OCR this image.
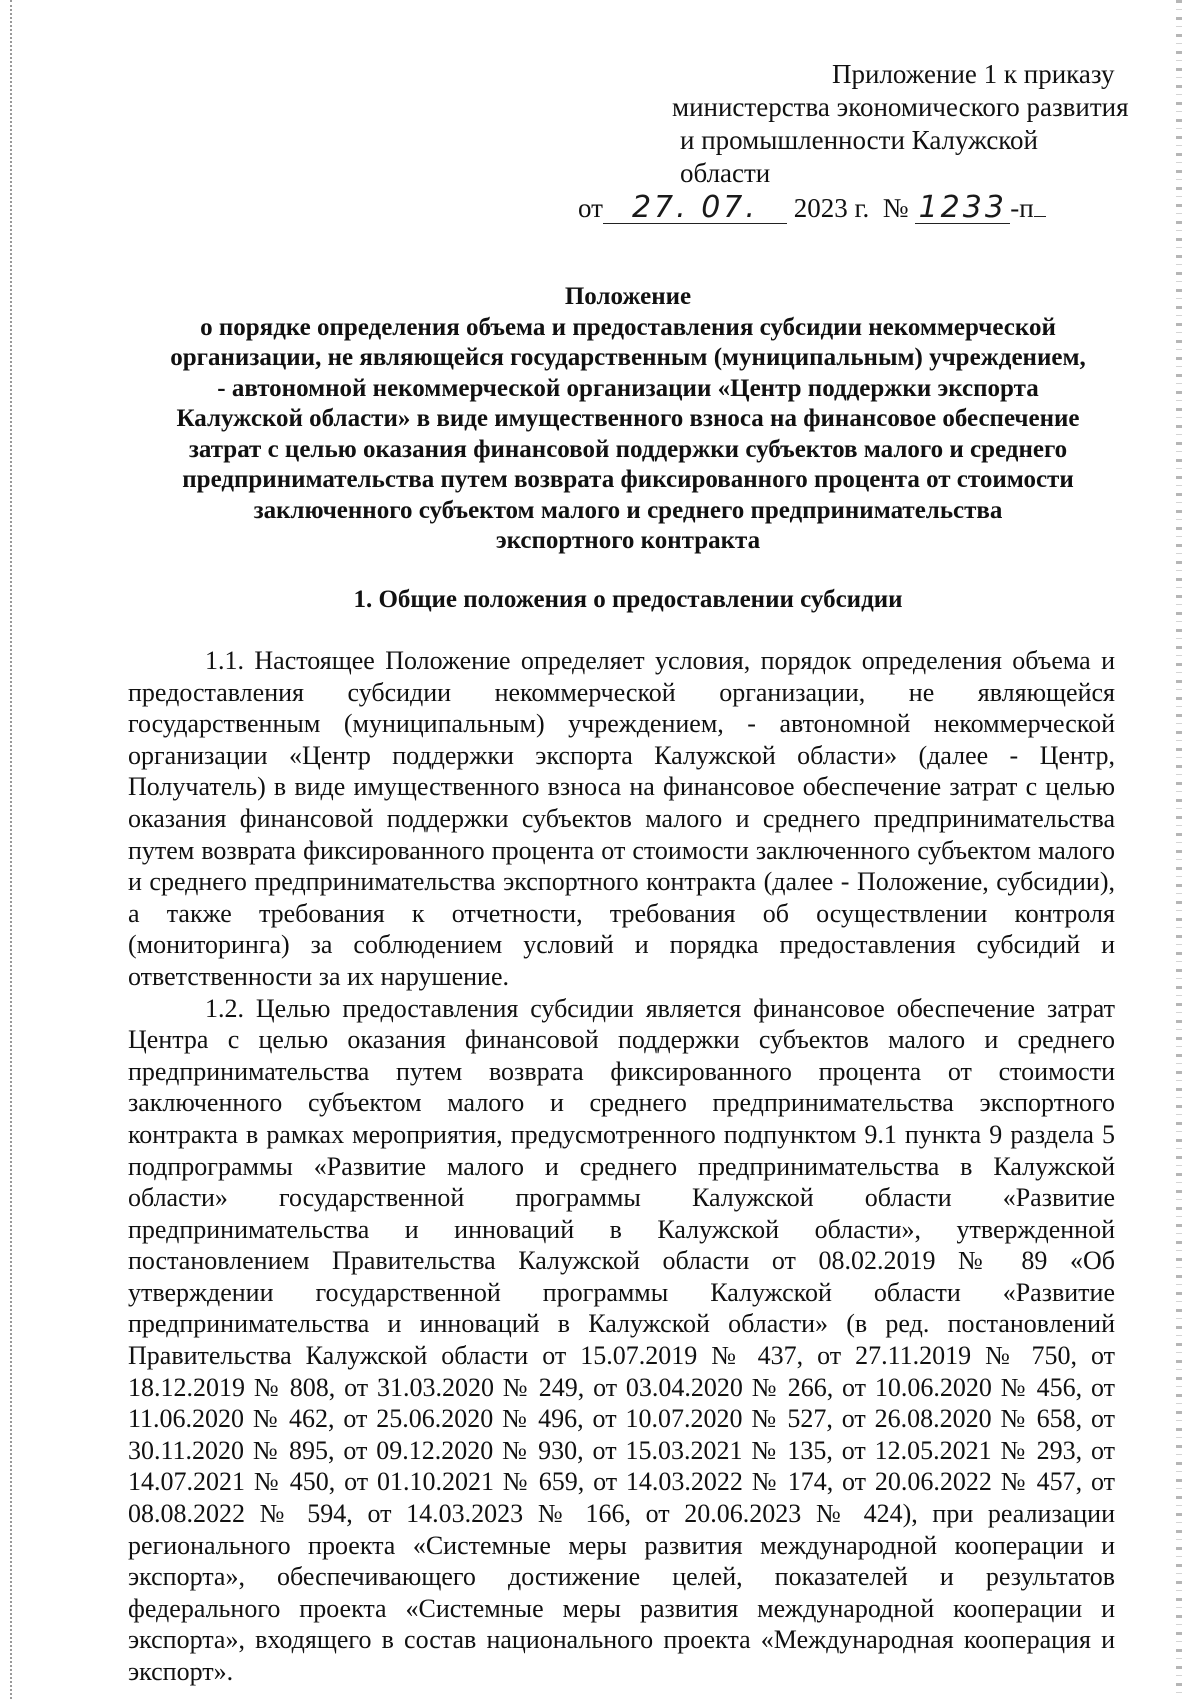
Приложение 1 к приказу
министерства экономического развития
и промышленности Калужской области
от 27. 07. 2023 г. № 1233 -п
Положение
о порядке определения объема и предоставления субсидии некоммерческой
организации, не являющейся государственным (муниципальным) учреждением,
- автономной некоммерческой организации «Центр поддержки экспорта
Калужской области» в виде имущественного взноса на финансовое обеспечение
затрат с целью оказания финансовой поддержки субъектов малого и среднего
предпринимательства путем возврата фиксированного процента от стоимости
заключенного субъектом малого и среднего предпринимательства
экспортного контракта
1. Общие положения о предоставлении субсидии

1.1. Настоящее Положение определяет условия, порядок определения объема и предоставления субсидии некоммерческой организации, не являющейся государственным (муниципальным) учреждением, - автономной некоммерческой организации «Центр поддержки экспорта Калужской области» (далее - Центр, Получатель) в виде имущественного взноса на финансовое обеспечение затрат с целью оказания финансовой поддержки субъектов малого и среднего предпринимательства путем возврата фиксированного процента от стоимости заключенного субъектом малого и среднего предпринимательства экспортного контракта (далее - Положение, субсидии), а также требования к отчетности, требования об осуществлении контроля (мониторинга) за соблюдением условий и порядка предоставления субсидий и ответственности за их нарушение.

1.2. Целью предоставления субсидии является финансовое обеспечение затрат Центра с целью оказания финансовой поддержки субъектов малого и среднего предпринимательства путем возврата фиксированного процента от стоимости заключенного субъектом малого и среднего предпринимательства экспортного контракта в рамках мероприятия, предусмотренного подпунктом 9.1 пункта 9 раздела 5 подпрограммы «Развитие малого и среднего предпринимательства в Калужской области» государственной программы Калужской области «Развитие предпринимательства и инноваций в Калужской области», утвержденной постановлением Правительства Калужской области от 08.02.2019 № 89 «Об утверждении государственной программы Калужской области «Развитие предпринимательства и инноваций в Калужской области» (в ред. постановлений Правительства Калужской области от 15.07.2019 № 437, от 27.11.2019 № 750, от 18.12.2019 № 808, от 31.03.2020 № 249, от 03.04.2020 № 266, от 10.06.2020 № 456, от 11.06.2020 № 462, от 25.06.2020 № 496, от 10.07.2020 № 527, от 26.08.2020 № 658, от 30.11.2020 № 895, от 09.12.2020 № 930, от 15.03.2021 № 135, от 12.05.2021 № 293, от 14.07.2021 № 450, от 01.10.2021 № 659, от 14.03.2022 № 174, от 20.06.2022 № 457, от 08.08.2022 № 594, от 14.03.2023 № 166, от 20.06.2023 № 424), при реализации регионального проекта «Системные меры развития международной кооперации и экспорта», обеспечивающего достижение целей, показателей и результатов федерального проекта «Системные меры развития международной кооперации и экспорта», входящего в состав национального проекта «Международная кооперация и экспорт».
